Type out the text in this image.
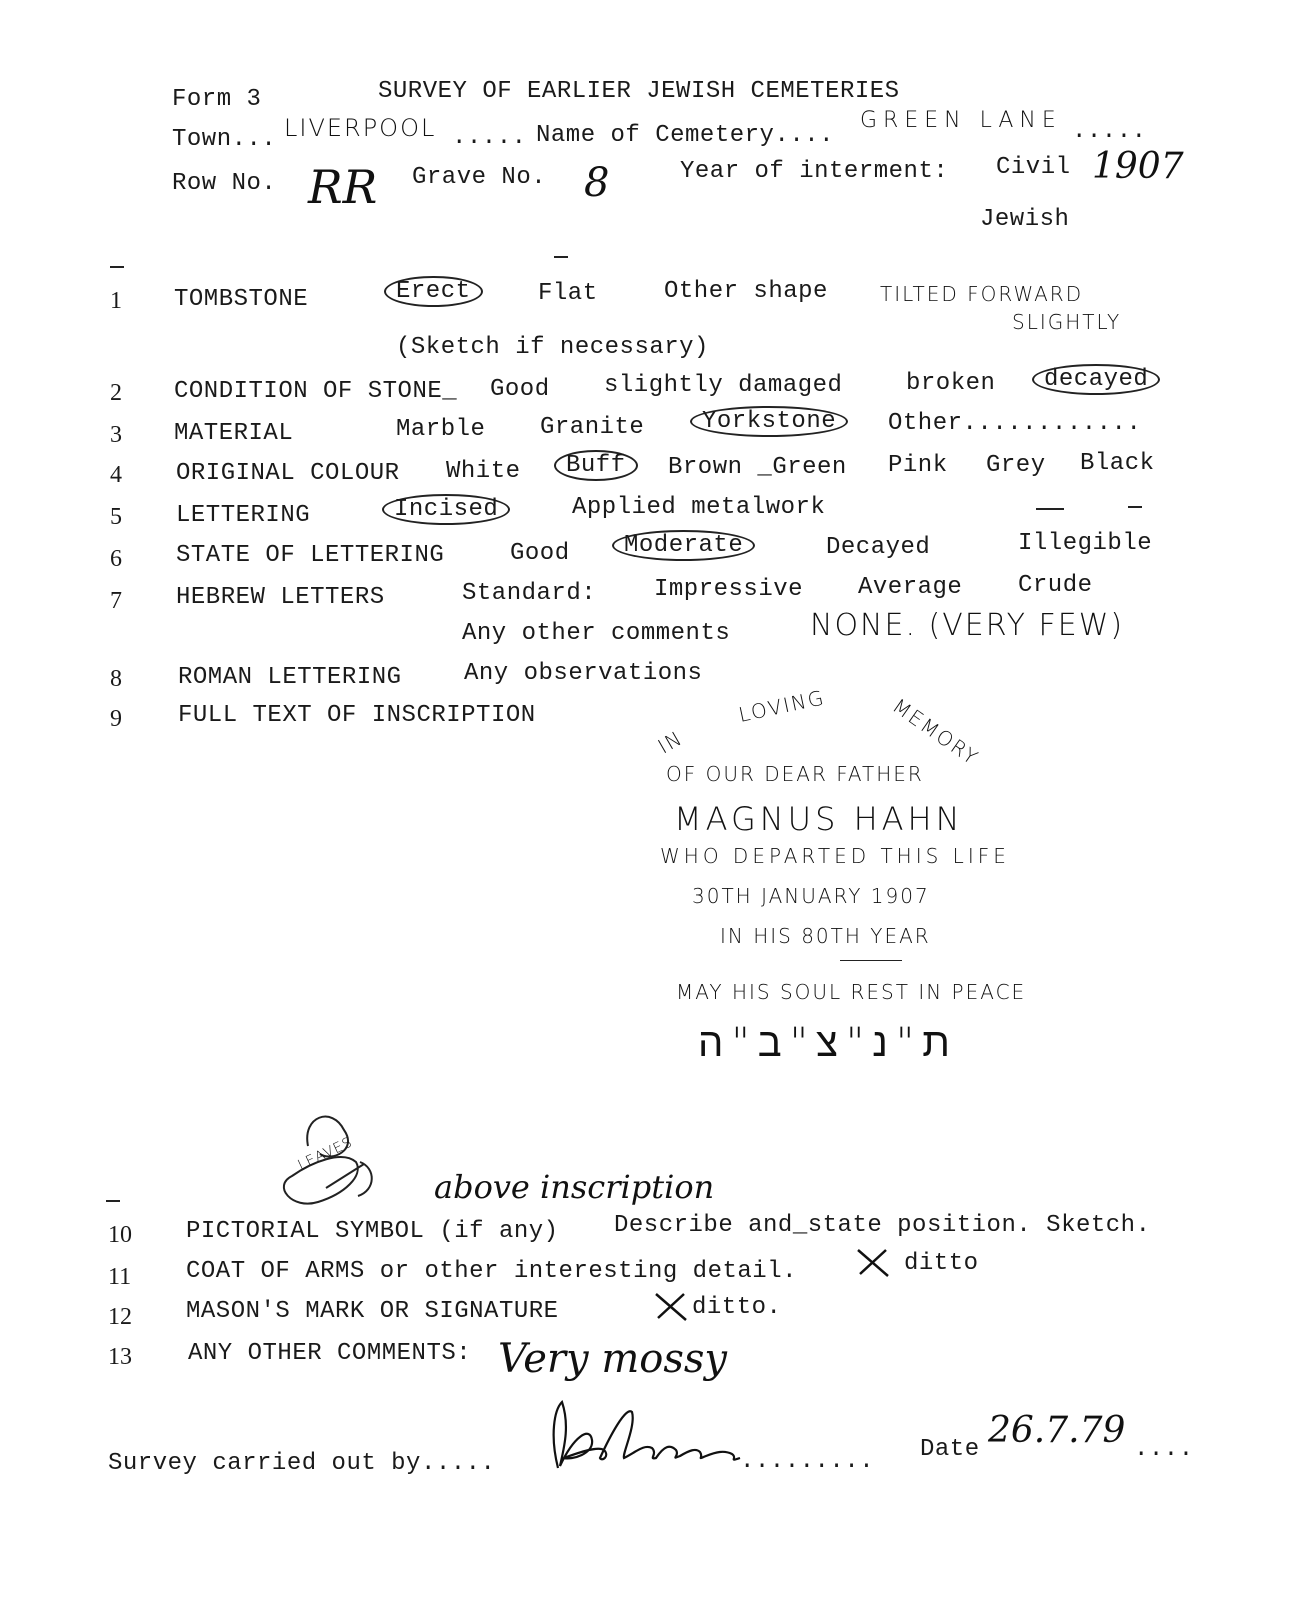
Form 3	SURVEY OF EARLIER JEWISH CEMETERIES
Town... LIVERPOOL ..... Name of Cemetery....
GREEN LANE .....
Row No. RR Grave No. 8	Year of interment: Civil 1907
Jewish
1 TOMBSTONE	Erect	Flat	Other shape	TILTED FORWARD
SLIGHTLY
(Sketch if necessary)
2 CONDITION OF STONE_ Good slightly damaged	broken	decayed
3 MATERIAL	Marble Granite	Yorkstone	Other............
4 ORIGINAL COLOUR White	Buff	Brown _Green Pink Grey Black
5 LETTERING	Incised	Applied metalwork
6 STATE OF LETTERING	Good	Moderate	Decayed	Illegible
7 HEBREW LETTERS	Standard: Impressive Average Crude
Any other comments	NONE. (VERY FEW)
8 ROMAN LETTERING	Any observations
9 FULL TEXT OF INSCRIPTION
IN
LOVING	MEMORY
OF OUR DEAR FATHER
MAGNUS HAHN
WHO DEPARTED THIS LIFE
30TH JANUARY 1907
IN HIS 80TH YEAR
MAY HIS SOUL REST IN PEACE
ת"נ"צ"ב"ה
LEAVES
above inscription
10 PICTORIAL SYMBOL (if any) Describe and_state position. Sketch.
11 COAT OF ARMS or other interesting detail.	ditto
12 MASON'S MARK OR SIGNATURE	ditto.
13 ANY OTHER COMMENTS: Very mossy
Survey carried out by.....	......... Date 26.7.79 ....
